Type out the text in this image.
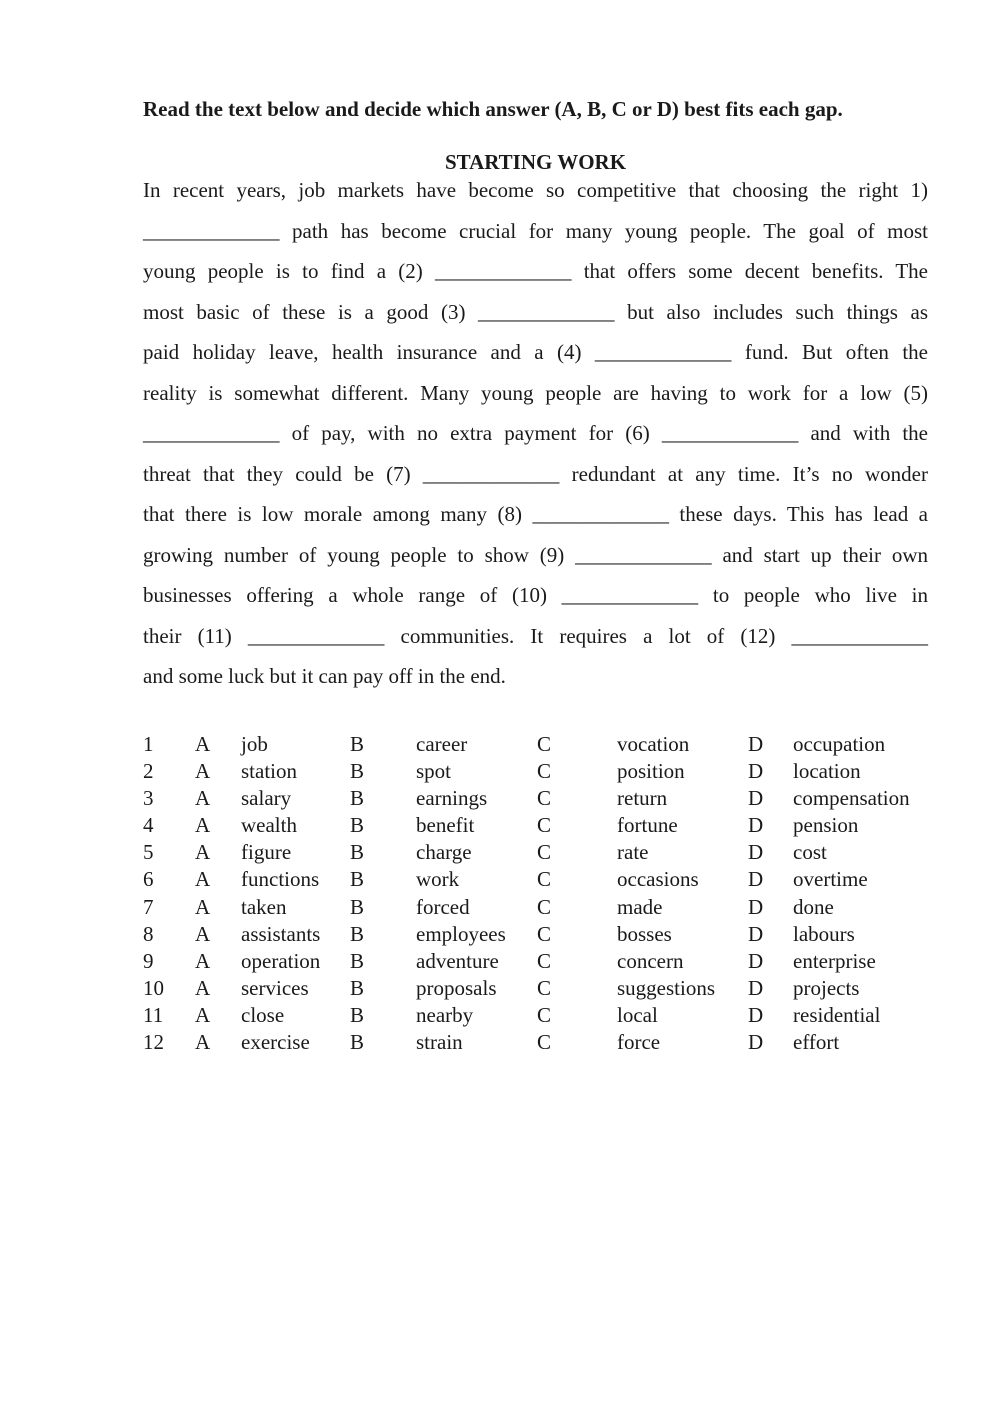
Read the text below and decide which answer (A, B, C or D) best fits each gap.
STARTING WORK
In recent years, job markets have become so competitive that choosing the right 1)
_____________ path has become crucial for many young people. The goal of most
young people is to find a (2) _____________ that offers some decent benefits. The
most basic of these is a good (3) _____________ but also includes such things as
paid holiday leave, health insurance and a (4) _____________ fund. But often the
reality is somewhat different. Many young people are having to work for a low (5)
_____________ of pay, with no extra payment for (6) _____________ and with the
threat that they could be (7) _____________ redundant at any time. It’s no wonder
that there is low morale among many (8) _____________ these days. This has lead a
growing number of young people to show (9) _____________ and start up their own
businesses offering a whole range of (10) _____________ to people who live in
their (11) _____________ communities. It requires a lot of (12) _____________
and some luck but it can pay off in the end.
1	A	job	B	career	C	vocation	D	occupation
2	A	station	B	spot	C	position	D	location
3	A	salary	B	earnings	C	return	D	compensation
4	A	wealth	B	benefit	C	fortune	D	pension
5	A	figure	B	charge	C	rate	D	cost
6	A	functions	B	work	C	occasions	D	overtime
7	A	taken	B	forced	C	made	D	done
8	A	assistants	B	employees	C	bosses	D	labours
9	A	operation	B	adventure	C	concern	D	enterprise
10	A	services	B	proposals	C	suggestions	D	projects
11	A	close	B	nearby	C	local	D	residential
12	A	exercise	B	strain	C	force	D	effort
